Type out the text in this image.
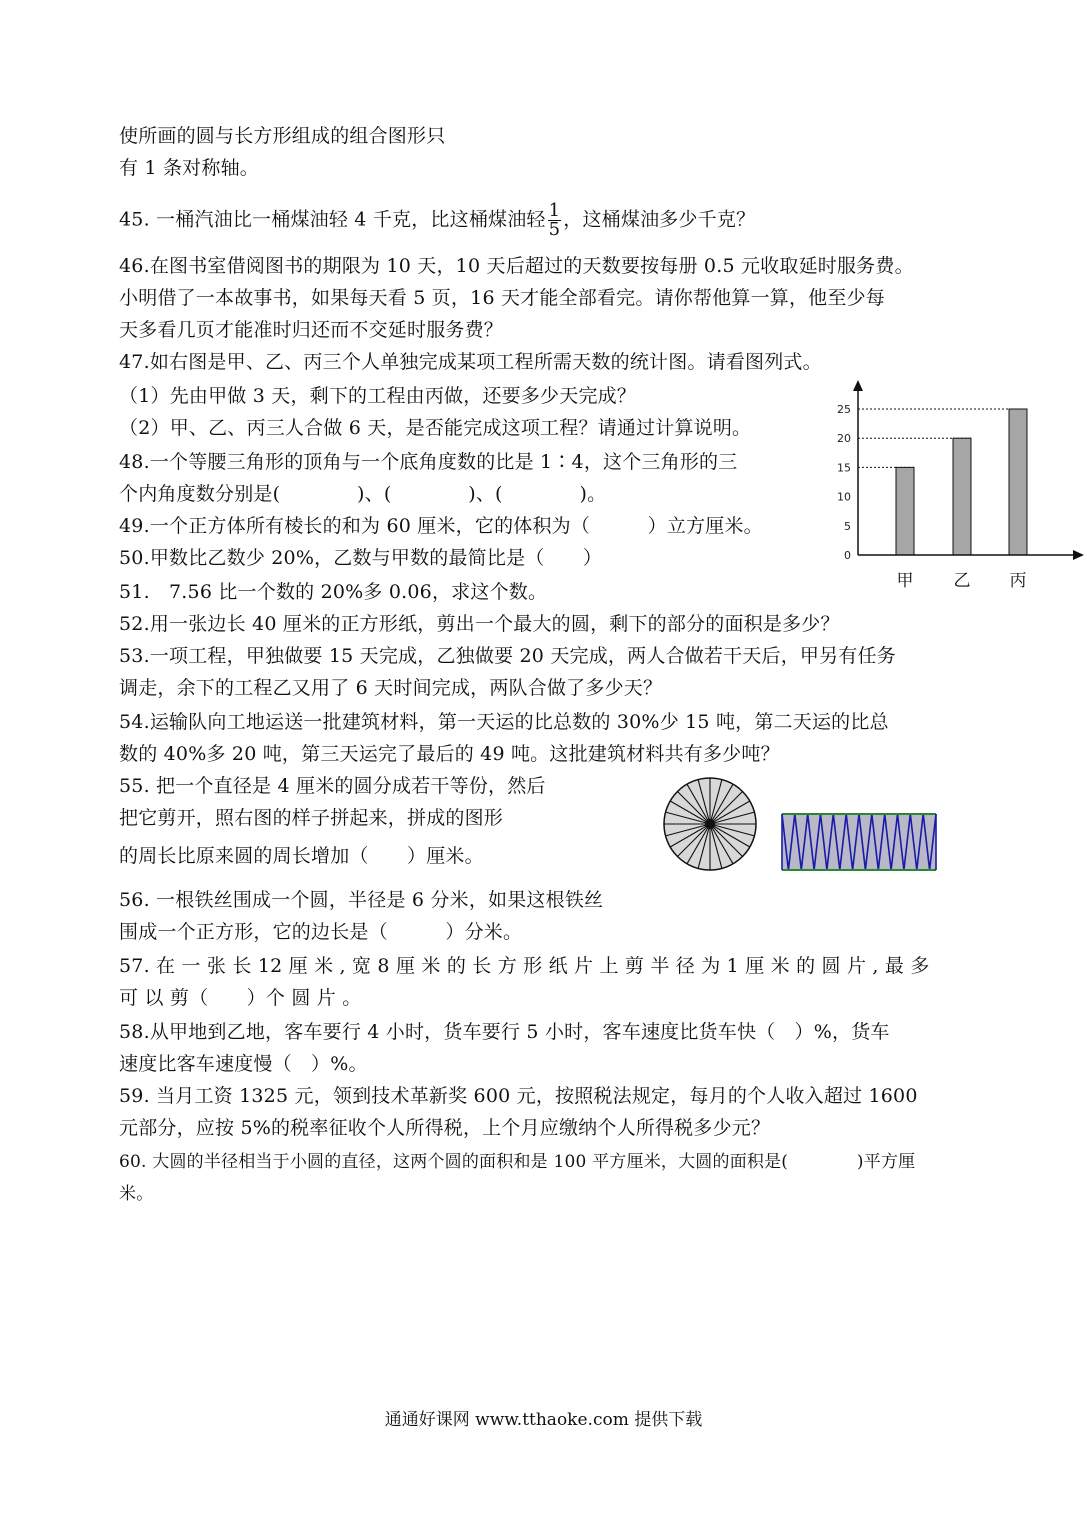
使所画的圆与长方形组成的组合图形只
有 1 条对称轴。
45. 一桶汽油比一桶煤油轻 4 千克，比这桶煤油轻 $\frac{1}{5}$ ，这桶煤油多少千克？
46.在图书室借阅图书的期限为 10 天，10 天后超过的天数要按每册 0.5 元收取延时服务费。
小明借了一本故事书，如果每天看 5 页，16 天才能全部看完。请你帮他算一算，他至少每
天多看几页才能准时归还而不交延时服务费？
47.如右图是甲、乙、丙三个人单独完成某项工程所需天数的统计图。请看图列式。
（1）先由甲做 3 天，剩下的工程由丙做，还要多少天完成？
（2）甲、乙、丙三人合做 6 天，是否能完成这项工程？请通过计算说明。
48.一个等腰三角形的顶角与一个底角度数的比是 1∶4，这个三角形的三
个内角度数分别是(　　　　)、(　　　　)、(　　　　)。
49.一个正方体所有棱长的和为 60 厘米，它的体积为（　　　）立方厘米。
50.甲数比乙数少 20%，乙数与甲数的最简比是（　　）
51.　7.56 比一个数的 20%多 0.06，求这个数。
52.用一张边长 40 厘米的正方形纸，剪出一个最大的圆，剩下的部分的面积是多少？
53.一项工程，甲独做要 15 天完成，乙独做要 20 天完成，两人合做若干天后，甲另有任务
调走，余下的工程乙又用了 6 天时间完成，两队合做了多少天？
54.运输队向工地运送一批建筑材料，第一天运的比总数的 30%少 15 吨，第二天运的比总
数的 40%多 20 吨，第三天运完了最后的 49 吨。这批建筑材料共有多少吨？
55. 把一个直径是 4 厘米的圆分成若干等份，然后
把它剪开，照右图的样子拼起来，拼成的图形
的周长比原来圆的周长增加（　　）厘米。
56. 一根铁丝围成一个圆，半径是 6 分米，如果这根铁丝
围成一个正方形，它的边长是（　　　）分米。
57. 在 一 张 长 12 厘 米 , 宽 8 厘 米 的 长 方 形 纸 片 上 剪 半 径 为 1 厘 米 的 圆 片 , 最 多
可 以 剪（　　）个 圆 片 。
58.从甲地到乙地，客车要行 4 小时，货车要行 5 小时，客车速度比货车快（　）%，货车
速度比客车速度慢（　）%。
59. 当月工资 1325 元，领到技术革新奖 600 元，按照税法规定，每月的个人收入超过 1600
元部分，应按 5%的税率征收个人所得税，上个月应缴纳个人所得税多少元？
60. 大圆的半径相当于小圆的直径，这两个圆的面积和是 100 平方厘米，大圆的面积是(　　　　)平方厘
米。
0
5
10
15
20
25
甲 乙 丙
通通好课网 www.tthaoke.com 提供下载
